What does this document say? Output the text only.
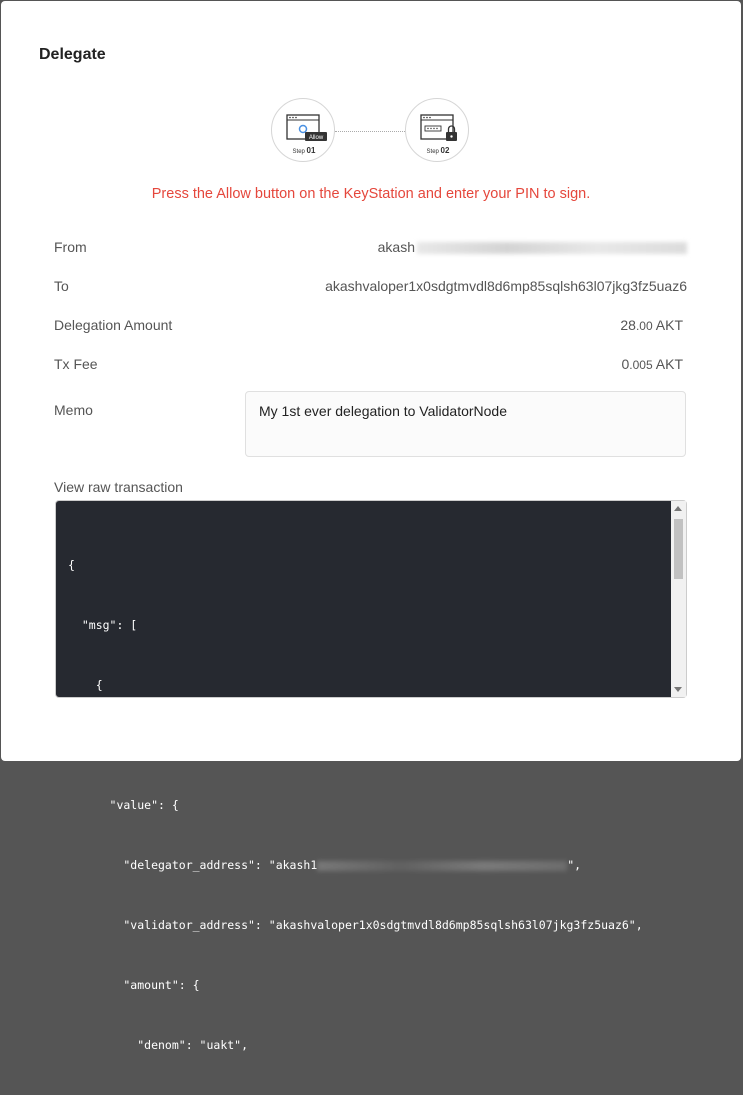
Delegate
Allow
Step 01	Step 02
Press the Allow button on the KeyStation and enter your PIN to sign.
From	akash
To	akashvaloper1x0sdgtmvdl8d6mp85sqlsh63l07jkg3fz5uaz6
Delegation Amount	28.00 AKT
Tx Fee	0.005 AKT
Memo	My 1st ever delegation to ValidatorNode
View raw transaction

{

"msg": [

{

"type": "cosmos-sdk/MsgDelegate",

"value": {

"delegator_address": "akash1	",

"validator_address": "akashvaloper1x0sdgtmvdl8d6mp85sqlsh63l07jkg3fz5uaz6",

"amount": {

"denom": "uakt",
